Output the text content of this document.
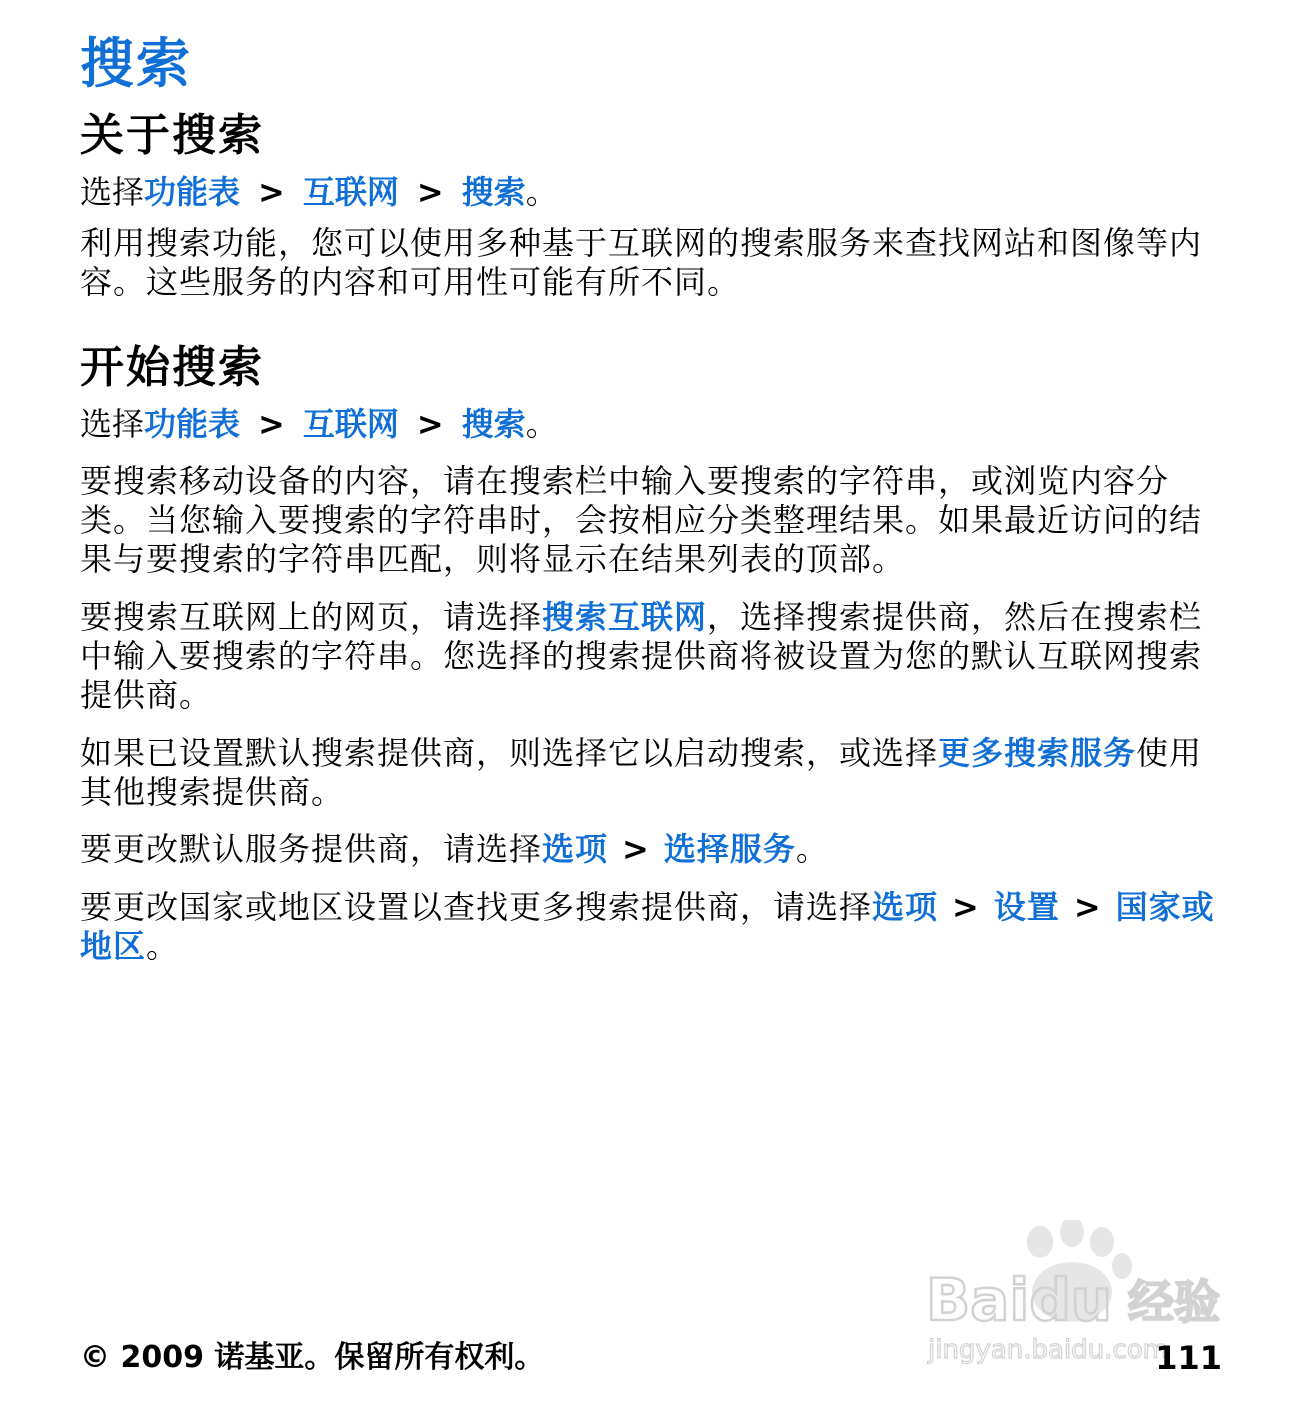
搜索
关于搜索

选择功能表 > 互联网 > 搜索。

利用搜索功能，您可以使用多种基于互联网的搜索服务来查找网站和图像等内容。这些服务的内容和可用性可能有所不同。

开始搜索

选择功能表 > 互联网 > 搜索。

要搜索移动设备的内容，请在搜索栏中输入要搜索的字符串，或浏览内容分类。当您输入要搜索的字符串时，会按相应分类整理结果。如果最近访问的结果与要搜索的字符串匹配，则将显示在结果列表的顶部。

要搜索互联网上的网页，请选择搜索互联网，选择搜索提供商，然后在搜索栏中输入要搜索的字符串。您选择的搜索提供商将被设置为您的默认互联网搜索提供商。

如果已设置默认搜索提供商，则选择它以启动搜索，或选择更多搜索服务使用其他搜索提供商。

要更改默认服务提供商，请选择选项 > 选择服务。

要更改国家或地区设置以查找更多搜索提供商，请选择选项 > 设置 > 国家或地区。

Baidu 经验
jingyan.baidu.com

© 2009 诺基亚。保留所有权利。	111
